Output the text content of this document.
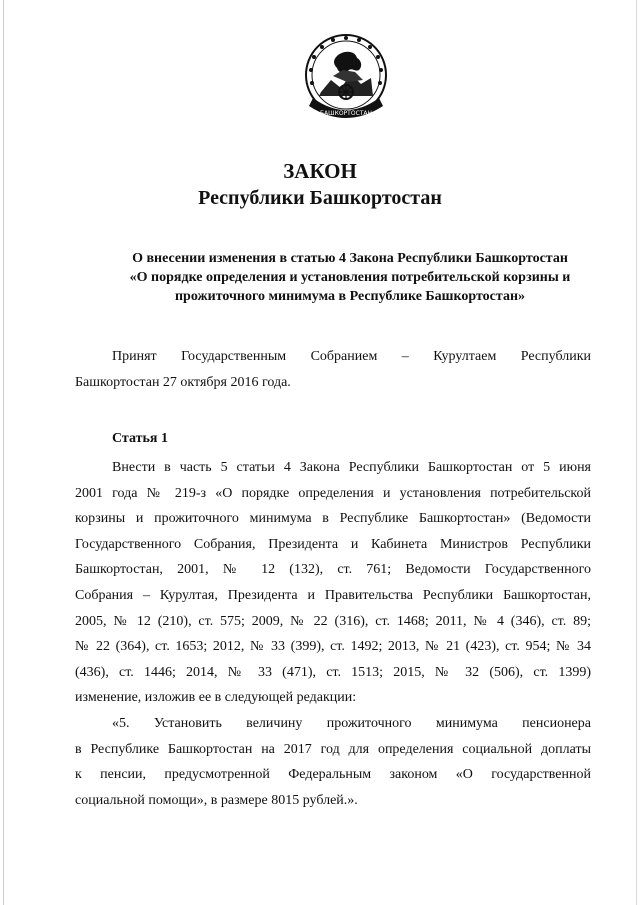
БАШКОРТОСТАН
ЗАКОН
Республики Башкортостан
О внесении изменения в статью 4 Закона Республики Башкортостан
«О порядке определения и установления потребительской корзины и
прожиточного минимума в Республике Башкортостан»
Принят Государственным Собранием – Курултаем Республики
Башкортостан 27 октября 2016 года.
Статья 1
Внести в часть 5 статьи 4 Закона Республики Башкортостан от 5 июня
2001 года № 219-з «О порядке определения и установления потребительской
корзины и прожиточного минимума в Республике Башкортостан» (Ведомости
Государственного Собрания, Президента и Кабинета Министров Республики
Башкортостан, 2001, № 12 (132), ст. 761; Ведомости Государственного
Собрания – Курултая, Президента и Правительства Республики Башкортостан,
2005, № 12 (210), ст. 575; 2009, № 22 (316), ст. 1468; 2011, № 4 (346), ст. 89;
№ 22 (364), ст. 1653; 2012, № 33 (399), ст. 1492; 2013, № 21 (423), ст. 954; № 34
(436), ст. 1446; 2014, № 33 (471), ст. 1513; 2015, № 32 (506), ст. 1399)
изменение, изложив ее в следующей редакции:
«5. Установить величину прожиточного минимума пенсионера
в Республике Башкортостан на 2017 год для определения социальной доплаты
к пенсии, предусмотренной Федеральным законом «О государственной
социальной помощи», в размере 8015 рублей.».
